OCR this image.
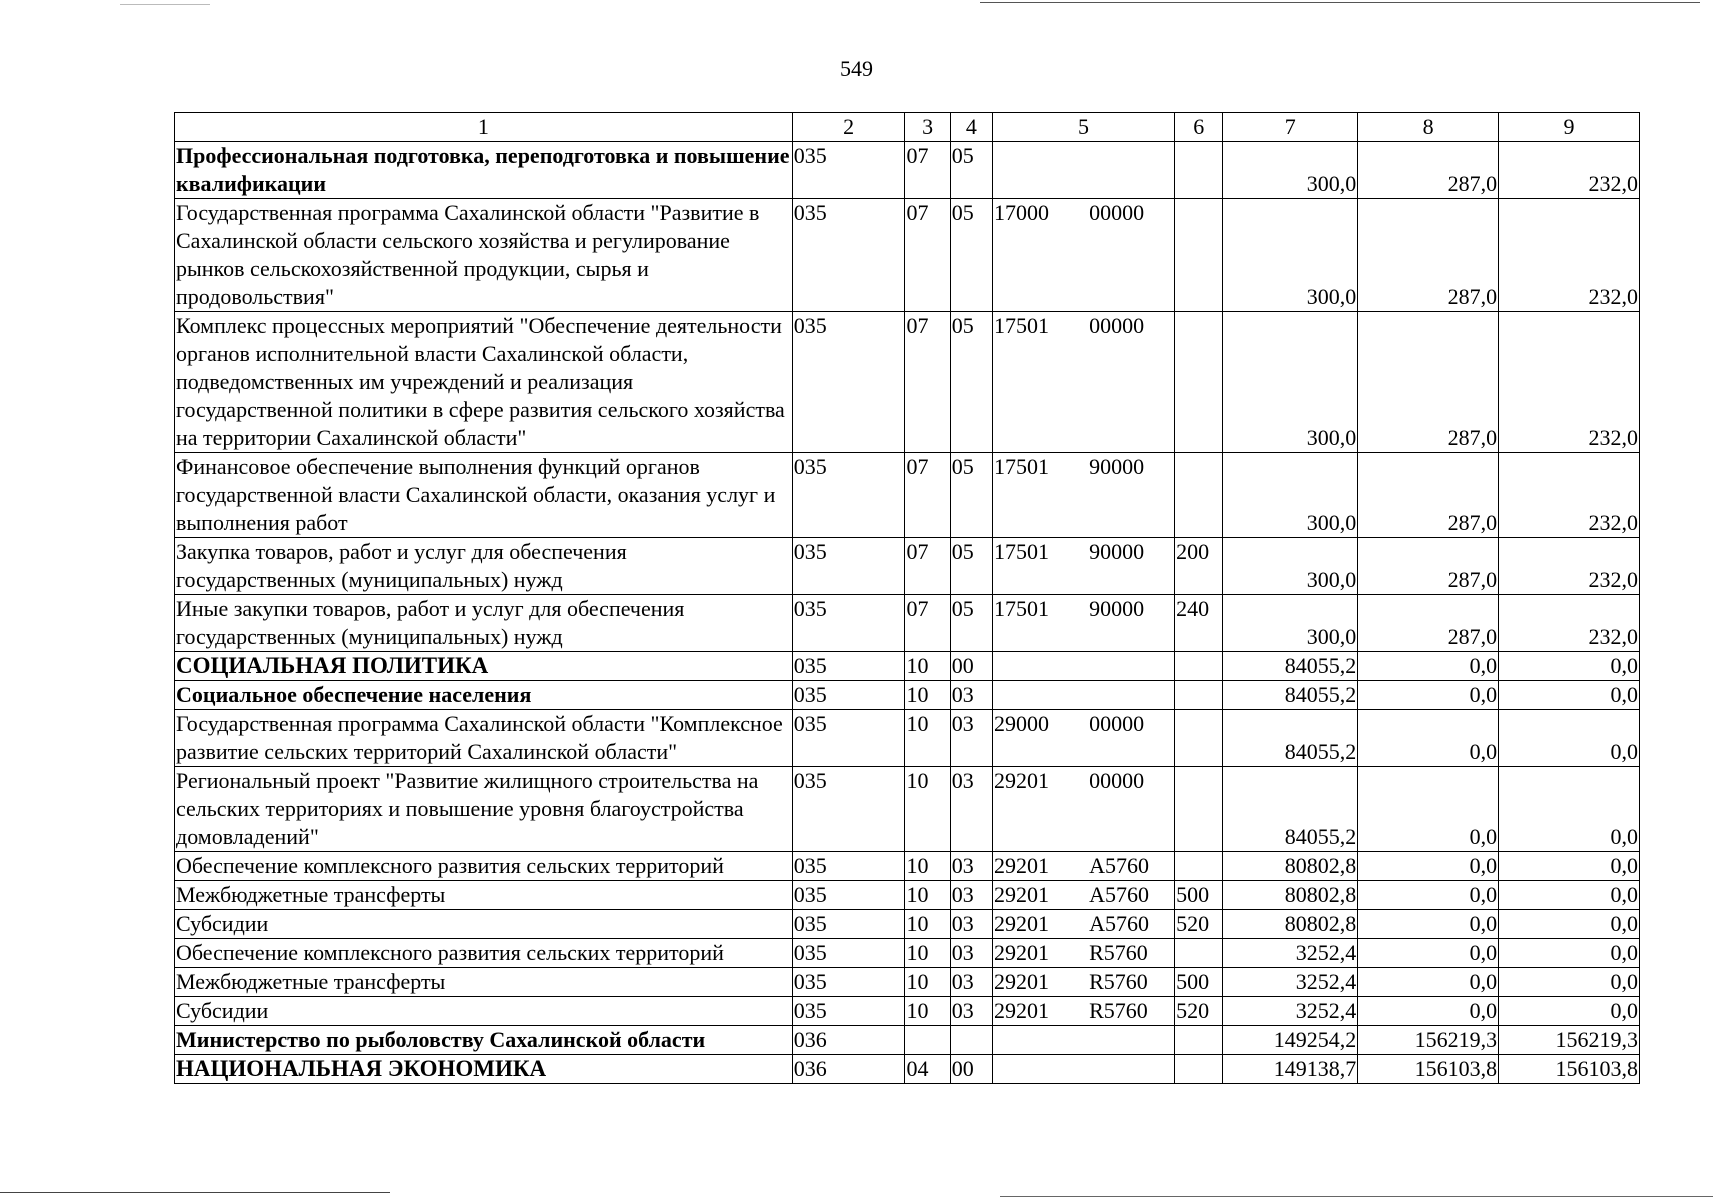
549
1	2	3	4	5		6	7	8	9
Профессиональная подготовка, переподготовка и повышение квалификации	035	07	05				300,0	287,0	232,0
Государственная программа Сахалинской области "Развитие в Сахалинской области сельского хозяйства и регулирование рынков сельскохозяйственной продукции, сырья и продовольствия"	035	07	05	17000	00000		300,0	287,0	232,0
Комплекс процессных мероприятий "Обеспечение деятельности органов исполнительной власти Сахалинской области, подведомственных им учреждений и реализация государственной политики в сфере развития сельского хозяйства на территории Сахалинской области"	035	07	05	17501	00000		300,0	287,0	232,0
Финансовое обеспечение выполнения функций органов государственной власти Сахалинской области, оказания услуг и выполнения работ	035	07	05	17501	90000		300,0	287,0	232,0
Закупка товаров, работ и услуг для обеспечения государственных (муниципальных) нужд	035	07	05	17501	90000	200	300,0	287,0	232,0
Иные закупки товаров, работ и услуг для обеспечения государственных (муниципальных) нужд	035	07	05	17501	90000	240	300,0	287,0	232,0
СОЦИАЛЬНАЯ ПОЛИТИКА	035	10	00				84055,2	0,0	0,0
Социальное обеспечение населения	035	10	03				84055,2	0,0	0,0
Государственная программа Сахалинской области "Комплексное развитие сельских территорий Сахалинской области"	035	10	03	29000	00000		84055,2	0,0	0,0
Региональный проект "Развитие жилищного строительства на сельских территориях и повышение уровня благоустройства домовладений"	035	10	03	29201	00000		84055,2	0,0	0,0
Обеспечение комплексного развития сельских территорий	035	10	03	29201	A5760		80802,8	0,0	0,0
Межбюджетные трансферты	035	10	03	29201	A5760	500	80802,8	0,0	0,0
Субсидии	035	10	03	29201	A5760	520	80802,8	0,0	0,0
Обеспечение комплексного развития сельских территорий	035	10	03	29201	R5760		3252,4	0,0	0,0
Межбюджетные трансферты	035	10	03	29201	R5760	500	3252,4	0,0	0,0
Субсидии	035	10	03	29201	R5760	520	3252,4	0,0	0,0
Министерство по рыболовству Сахалинской области	036						149254,2	156219,3	156219,3
НАЦИОНАЛЬНАЯ ЭКОНОМИКА	036	04	00				149138,7	156103,8	156103,8
